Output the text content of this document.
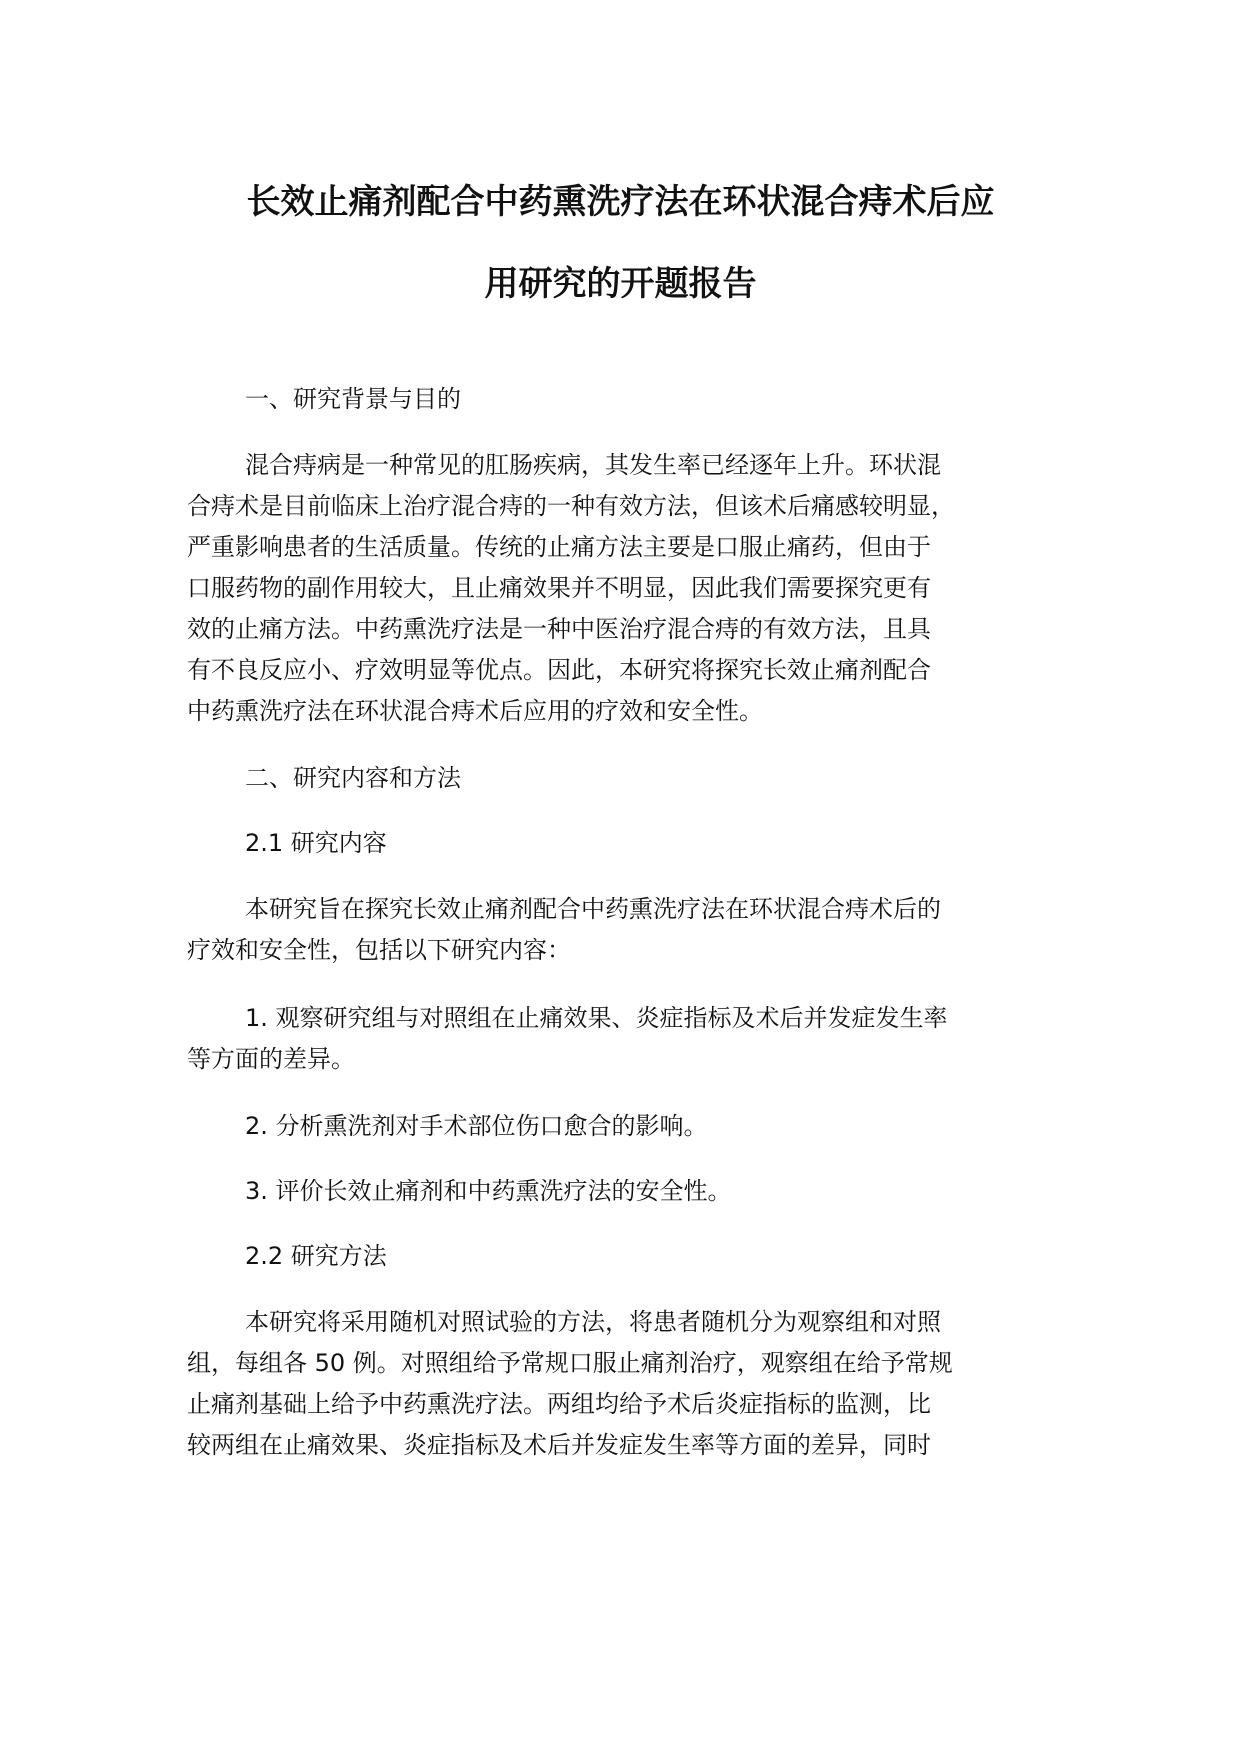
长效止痛剂配合中药熏洗疗法在环状混合痔术后应
用研究的开题报告
一、研究背景与目的
混合痔病是一种常见的肛肠疾病，其发生率已经逐年上升。环状混
合痔术是目前临床上治疗混合痔的一种有效方法，但该术后痛感较明显，
严重影响患者的生活质量。传统的止痛方法主要是口服止痛药，但由于
口服药物的副作用较大，且止痛效果并不明显，因此我们需要探究更有
效的止痛方法。中药熏洗疗法是一种中医治疗混合痔的有效方法，且具
有不良反应小、疗效明显等优点。因此，本研究将探究长效止痛剂配合
中药熏洗疗法在环状混合痔术后应用的疗效和安全性。
二、研究内容和方法
2.1 研究内容
本研究旨在探究长效止痛剂配合中药熏洗疗法在环状混合痔术后的
疗效和安全性，包括以下研究内容：
1. 观察研究组与对照组在止痛效果、炎症指标及术后并发症发生率
等方面的差异。
2. 分析熏洗剂对手术部位伤口愈合的影响。
3. 评价长效止痛剂和中药熏洗疗法的安全性。
2.2 研究方法
本研究将采用随机对照试验的方法，将患者随机分为观察组和对照
组，每组各 50 例。对照组给予常规口服止痛剂治疗，观察组在给予常规
止痛剂基础上给予中药熏洗疗法。两组均给予术后炎症指标的监测，比
较两组在止痛效果、炎症指标及术后并发症发生率等方面的差异，同时
